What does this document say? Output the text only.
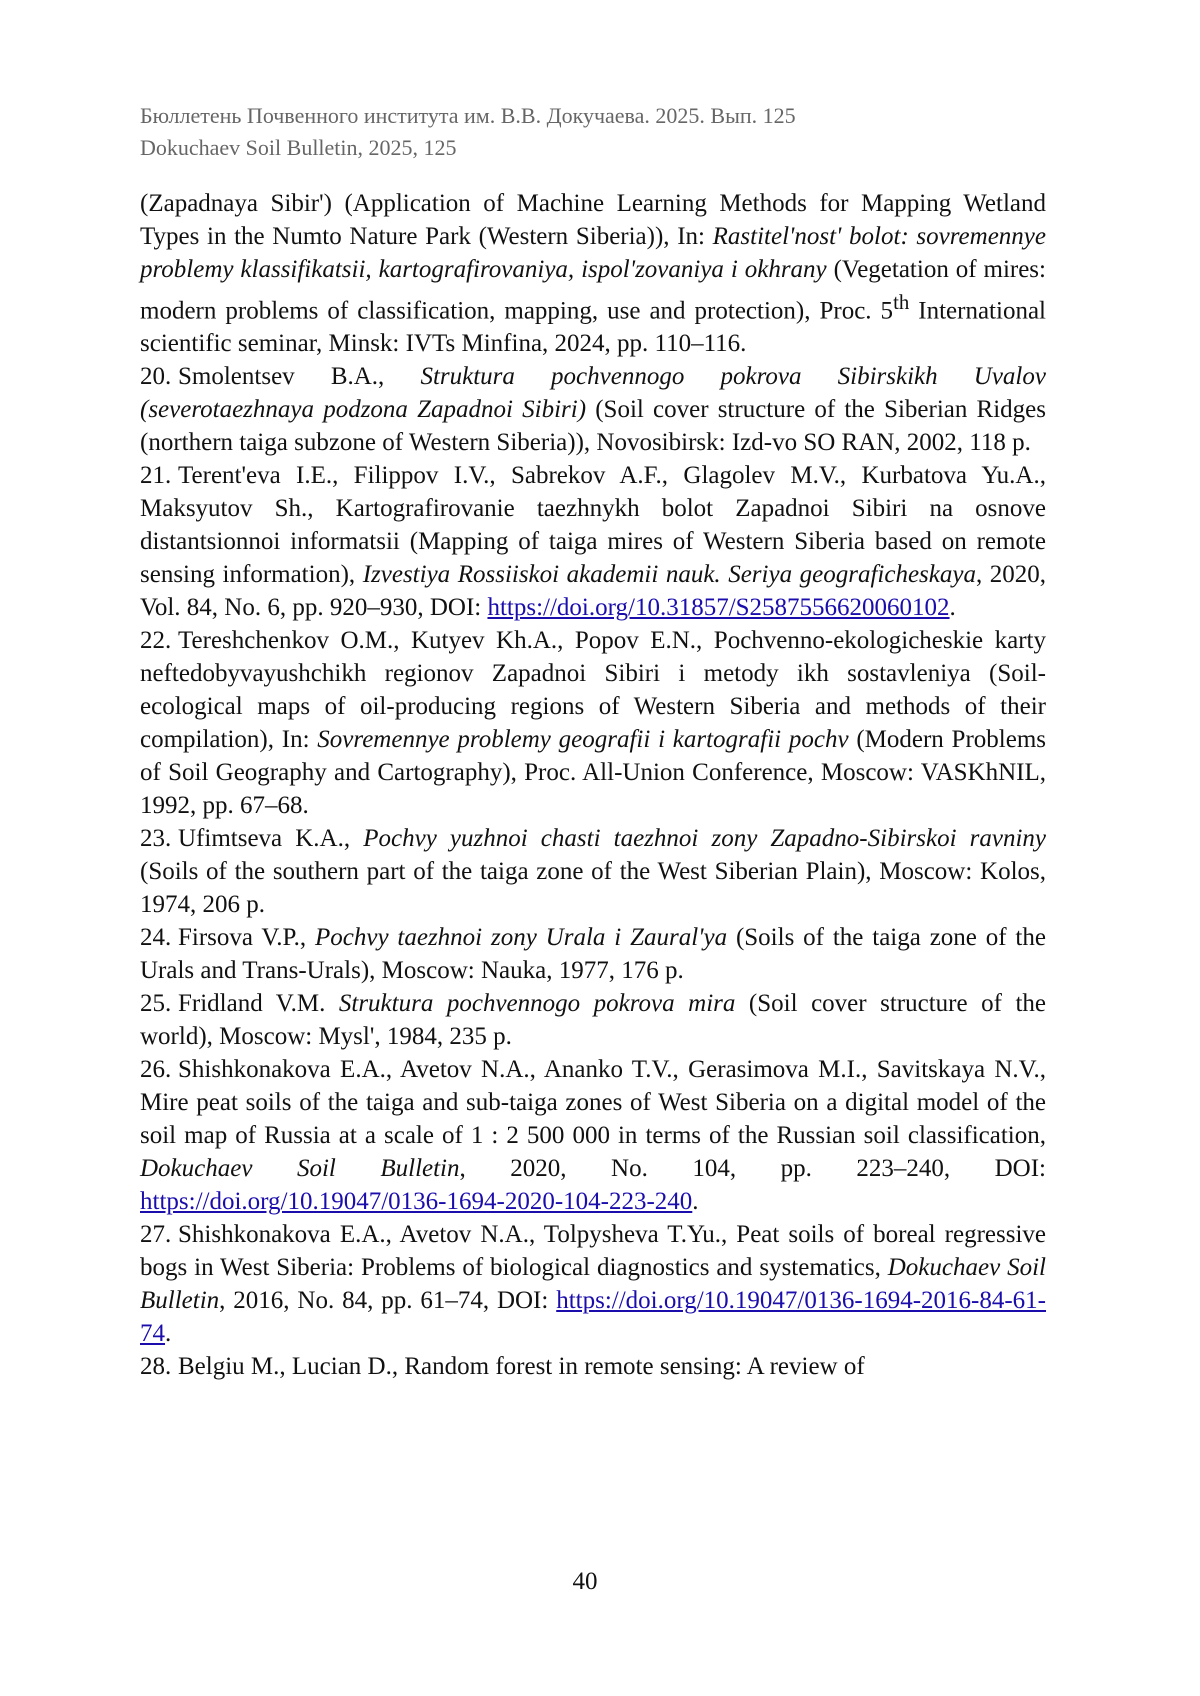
Бюллетень Почвенного института им. В.В. Докучаева. 2025. Вып. 125
Dokuchaev Soil Bulletin, 2025, 125

(Zapadnaya Sibir') (Application of Machine Learning Methods for Mapping Wetland Types in the Numto Nature Park (Western Siberia)), In: Rastitel'nost' bolot: sovremennye problemy klassifikatsii, kartografirovaniya, ispol'zovaniya i okhrany (Vegetation of mires: modern problems of classification, mapping, use and protection), Proc. 5th International scientific seminar, Minsk: IVTs Minfina, 2024, pp. 110–116.

20. Smolentsev B.A., Struktura pochvennogo pokrova Sibirskikh Uvalov (severotaezhnaya podzona Zapadnoi Sibiri) (Soil cover structure of the Siberian Ridges (northern taiga subzone of Western Siberia)), Novosibirsk: Izd-vo SO RAN, 2002, 118 p.

21. Terent'eva I.E., Filippov I.V., Sabrekov A.F., Glagolev M.V., Kurbatova Yu.A., Maksyutov Sh., Kartografirovanie taezhnykh bolot Zapadnoi Sibiri na osnove distantsionnoi informatsii (Mapping of taiga mires of Western Siberia based on remote sensing information), Izvestiya Rossiiskoi akademii nauk. Seriya geograficheskaya, 2020, Vol. 84, No. 6, pp. 920–930, DOI: https://doi.org/10.31857/S2587556620060102.

22. Tereshchenkov O.M., Kutyev Kh.A., Popov E.N., Pochvenno-ekologicheskie karty neftedobyvayushchikh regionov Zapadnoi Sibiri i metody ikh sostavleniya (Soil-ecological maps of oil-producing regions of Western Siberia and methods of their compilation), In: Sovremennye problemy geografii i kartografii pochv (Modern Problems of Soil Geography and Cartography), Proc. All-Union Conference, Moscow: VASKhNIL, 1992, pp. 67–68.

23. Ufimtseva K.A., Pochvy yuzhnoi chasti taezhnoi zony Zapadno-Sibirskoi ravniny (Soils of the southern part of the taiga zone of the West Siberian Plain), Moscow: Kolos, 1974, 206 p.

24. Firsova V.P., Pochvy taezhnoi zony Urala i Zaural'ya (Soils of the taiga zone of the Urals and Trans-Urals), Moscow: Nauka, 1977, 176 p.

25. Fridland V.M. Struktura pochvennogo pokrova mira (Soil cover structure of the world), Moscow: Mysl', 1984, 235 p.

26. Shishkonakova E.A., Avetov N.A., Ananko T.V., Gerasimova M.I., Savitskaya N.V., Mire peat soils of the taiga and sub-taiga zones of West Siberia on a digital model of the soil map of Russia at a scale of 1 : 2 500 000 in terms of the Russian soil classification, Dokuchaev Soil Bulletin, 2020, No. 104, pp. 223–240, DOI: https://doi.org/10.19047/0136-1694-2020-104-223-240.

27. Shishkonakova E.A., Avetov N.A., Tolpysheva T.Yu., Peat soils of boreal regressive bogs in West Siberia: Problems of biological diagnostics and systematics, Dokuchaev Soil Bulletin, 2016, No. 84, pp. 61–74, DOI: https://doi.org/10.19047/0136-1694-2016-84-61-74.

28. Belgiu M., Lucian D., Random forest in remote sensing: A review of

40
